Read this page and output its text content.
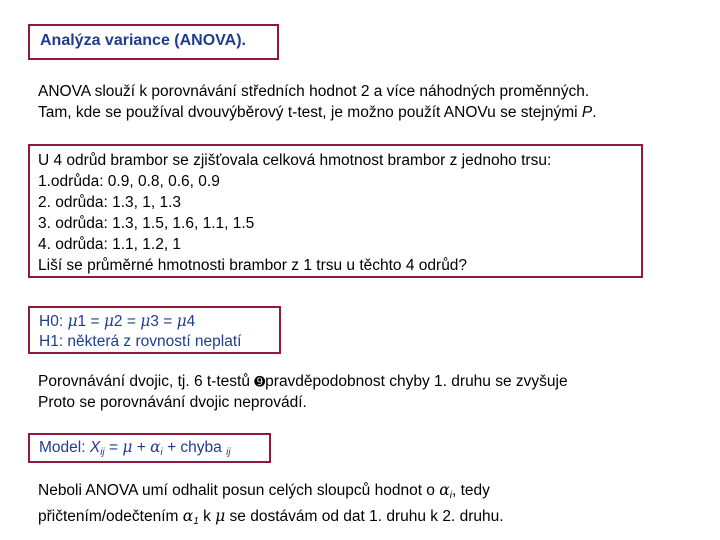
Analýza variance (ANOVA).
ANOVA slouží k porovnávání středních hodnot 2 a více náhodných proměnných.
Tam, kde se používal dvouvýběrový t-test, je možno použít ANOVu se stejnými P.
U 4 odrůd brambor se zjišťovala celková hmotnost brambor z jednoho trsu:
1.odrůda: 0.9, 0.8, 0.6, 0.9
2. odrůda: 1.3, 1, 1.3
3. odrůda: 1.3, 1.5, 1.6, 1.1, 1.5
4. odrůda: 1.1, 1.2, 1
Liší se průměrné hmotnosti brambor z 1 trsu u těchto 4 odrůd?
H0: μ1 = μ2 = μ3 = μ4
H1: některá z rovností neplatí
Porovnávání dvojic, tj. 6 t-testů ➒pravděpodobnost chyby 1. druhu se zvyšuje
Proto se porovnávání dvojic neprovádí.
Model: $X_{ij} = \mu + \alpha_i$ + chyba $_{ij}$
Neboli ANOVA umí odhalit posun celých sloupců hodnot o $\alpha_i$, tedy
přičtením/odečtením $\alpha_1$ k μ se dostávám od dat 1. druhu k 2. druhu.
